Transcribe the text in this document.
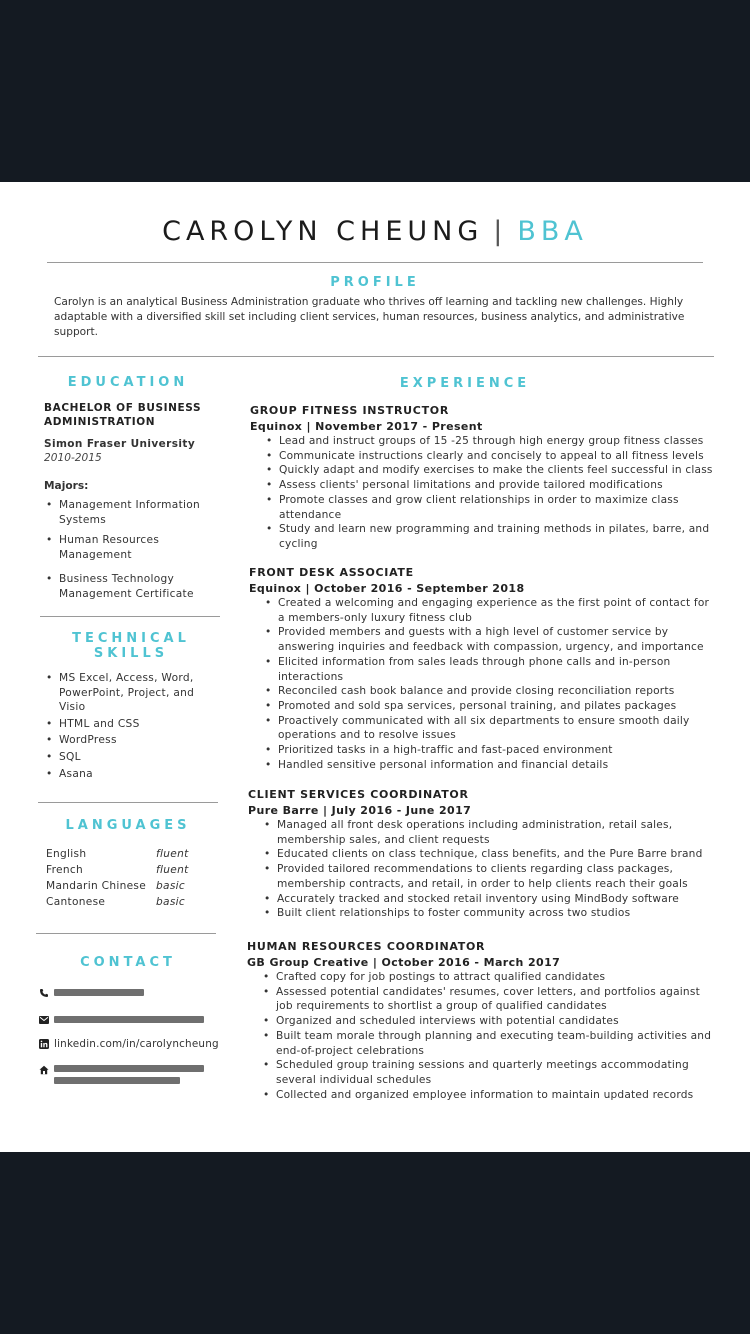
CAROLYN CHEUNG | BBA
PROFILE
Carolyn is an analytical Business Administration graduate who thrives off learning and tackling new challenges. Highly adaptable with a diversified skill set including client services, human resources, business analytics, and administrative support.
EDUCATION
BACHELOR OF BUSINESS ADMINISTRATION
Simon Fraser University
2010-2015
Majors:
• Management Information Systems
• Human Resources Management
• Business Technology Management Certificate
TECHNICAL SKILLS
• MS Excel, Access, Word, PowerPoint, Project, and Visio
• HTML and CSS
• WordPress
• SQL
• Asana
LANGUAGES
English	fluent
French	fluent
Mandarin Chinese basic
Cantonese	basic
CONTACT
linkedin.com/in/carolyncheung
EXPERIENCE
GROUP FITNESS INSTRUCTOR
Equinox | November 2017 - Present
• Lead and instruct groups of 15 -25 through high energy group fitness classes
• Communicate instructions clearly and concisely to appeal to all fitness levels
• Quickly adapt and modify exercises to make the clients feel successful in class
• Assess clients' personal limitations and provide tailored modifications
• Promote classes and grow client relationships in order to maximize class attendance
• Study and learn new programming and training methods in pilates, barre, and cycling
FRONT DESK ASSOCIATE
Equinox | October 2016 - September 2018
• Created a welcoming and engaging experience as the first point of contact for a members-only luxury fitness club
• Provided members and guests with a high level of customer service by answering inquiries and feedback with compassion, urgency, and importance
• Elicited information from sales leads through phone calls and in-person interactions
• Reconciled cash book balance and provide closing reconciliation reports
• Promoted and sold spa services, personal training, and pilates packages
• Proactively communicated with all six departments to ensure smooth daily operations and to resolve issues
• Prioritized tasks in a high-traffic and fast-paced environment
• Handled sensitive personal information and financial details
CLIENT SERVICES COORDINATOR
Pure Barre | July 2016 - June 2017
• Managed all front desk operations including administration, retail sales, membership sales, and client requests
• Educated clients on class technique, class benefits, and the Pure Barre brand
• Provided tailored recommendations to clients regarding class packages, membership contracts, and retail, in order to help clients reach their goals
• Accurately tracked and stocked retail inventory using MindBody software
• Built client relationships to foster community across two studios
HUMAN RESOURCES COORDINATOR
GB Group Creative | October 2016 - March 2017
• Crafted copy for job postings to attract qualified candidates
• Assessed potential candidates' resumes, cover letters, and portfolios against job requirements to shortlist a group of qualified candidates
• Organized and scheduled interviews with potential candidates
• Built team morale through planning and executing team-building activities and end-of-project celebrations
• Scheduled group training sessions and quarterly meetings accommodating several individual schedules
• Collected and organized employee information to maintain updated records
